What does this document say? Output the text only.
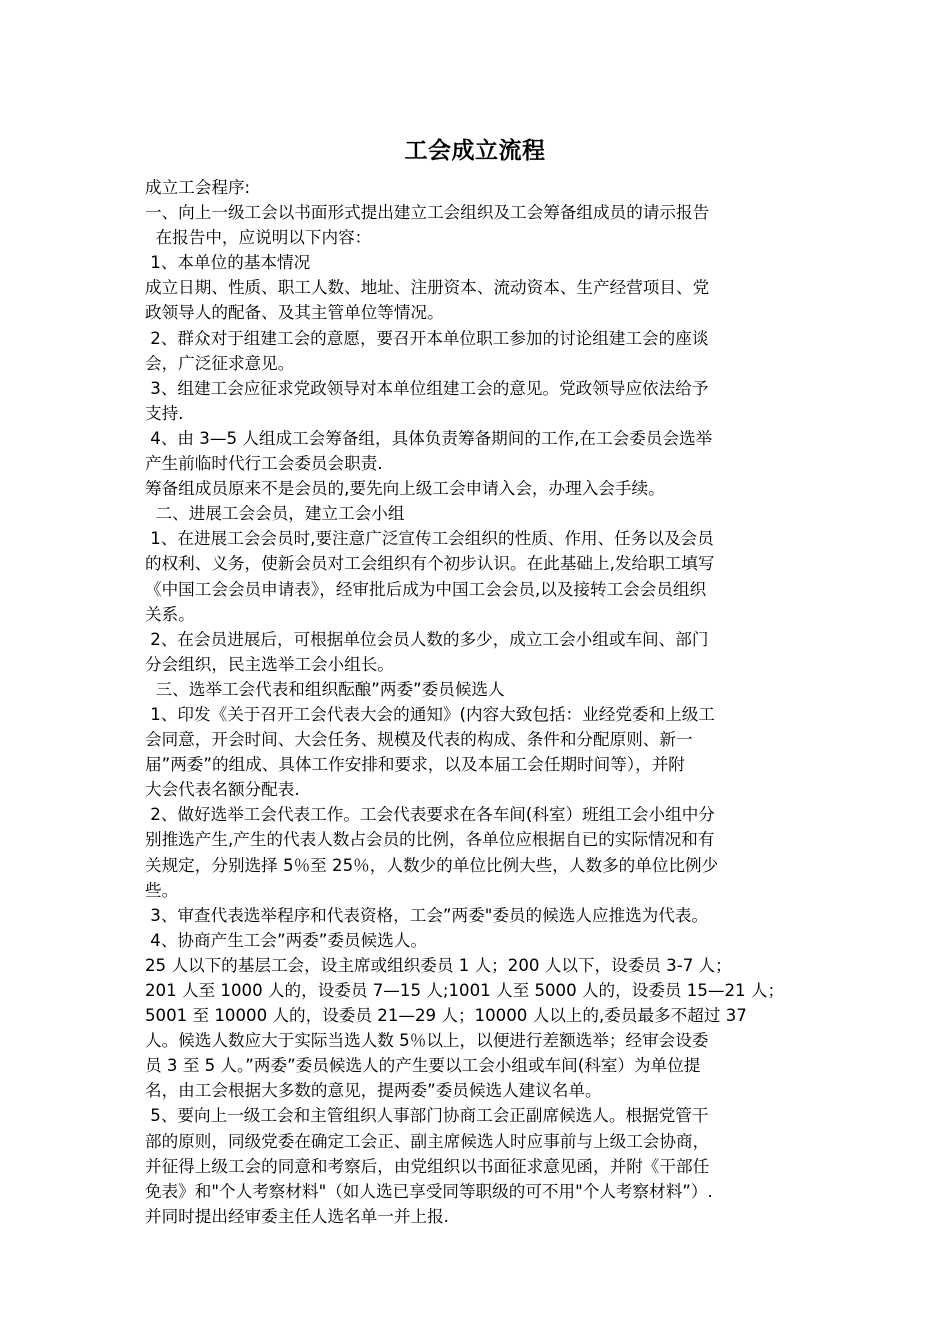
工会成立流程
成立工会程序:
一、向上一级工会以书面形式提出建立工会组织及工会筹备组成员的请示报告
在报告中，应说明以下内容：
1、本单位的基本情况
成立日期、性质、职工人数、地址、注册资本、流动资本、生产经营项目、党
政领导人的配备、及其主管单位等情况。
2、群众对于组建工会的意愿，要召开本单位职工参加的讨论组建工会的座谈
会，广泛征求意见。
3、组建工会应征求党政领导对本单位组建工会的意见。党政领导应依法给予
支持.
4、由 3—5 人组成工会筹备组，具体负责筹备期间的工作,在工会委员会选举
产生前临时代行工会委员会职责.
筹备组成员原来不是会员的,要先向上级工会申请入会，办理入会手续。
二、进展工会会员，建立工会小组
1、在进展工会会员时,要注意广泛宣传工会组织的性质、作用、任务以及会员
的权利、义务，使新会员对工会组织有个初步认识。在此基础上,发给职工填写
《中国工会会员申请表》，经审批后成为中国工会会员,以及接转工会会员组织
关系。
2、在会员进展后，可根据单位会员人数的多少，成立工会小组或车间、部门
分会组织，民主选举工会小组长。
三、选举工会代表和组织酝酿”两委”委员候选人
1、印发《关于召开工会代表大会的通知》(内容大致包括：业经党委和上级工
会同意，开会时间、大会任务、规模及代表的构成、条件和分配原则、新一
届”两委”的组成、具体工作安排和要求，以及本届工会任期时间等），并附
大会代表名额分配表.
2、做好选举工会代表工作。工会代表要求在各车间(科室）班组工会小组中分
别推选产生,产生的代表人数占会员的比例，各单位应根据自已的实际情况和有
关规定，分别选择 5％至 25％，人数少的单位比例大些，人数多的单位比例少
些。
3、审查代表选举程序和代表资格，工会”两委"委员的候选人应推选为代表。
4、协商产生工会”两委”委员候选人。
25 人以下的基层工会，设主席或组织委员 1 人；200 人以下，设委员 3-7 人；
201 人至 1000 人的，设委员 7—15 人;1001 人至 5000 人的，设委员 15—21 人；
5001 至 10000 人的，设委员 21—29 人；10000 人以上的,委员最多不超过 37
人。候选人数应大于实际当选人数 5％以上，以便进行差额选举；经审会设委
员 3 至 5 人。”两委”委员候选人的产生要以工会小组或车间(科室）为单位提
名，由工会根据大多数的意见，提两委”委员候选人建议名单。
5、要向上一级工会和主管组织人事部门协商工会正副席候选人。根据党管干
部的原则，同级党委在确定工会正、副主席候选人时应事前与上级工会协商，
并征得上级工会的同意和考察后，由党组织以书面征求意见函，并附《干部任
免表》和"个人考察材料"（如人选已享受同等职级的可不用"个人考察材料”）.
并同时提出经审委主任人选名单一并上报.
